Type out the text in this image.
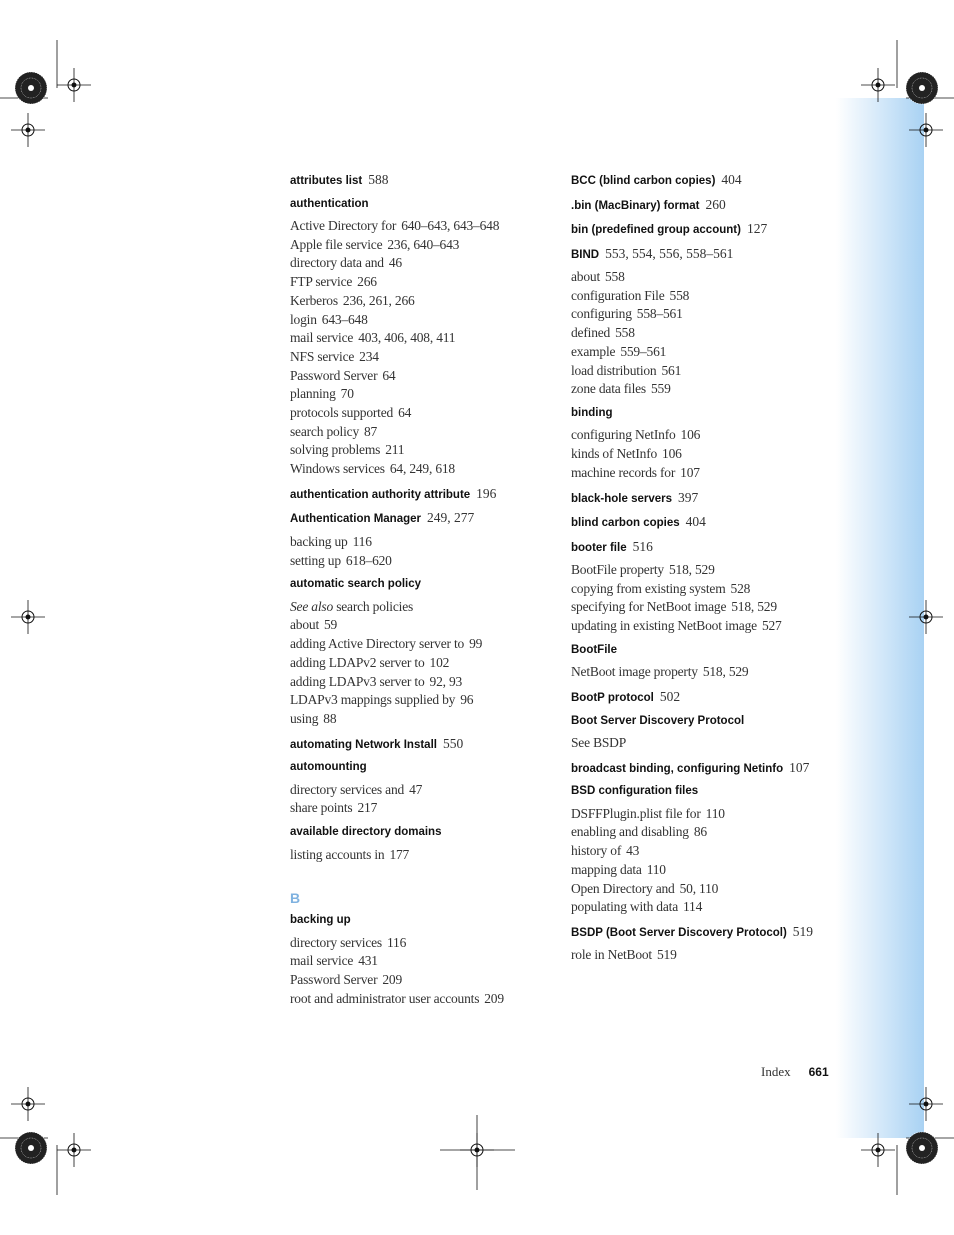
attributes list 588
authentication
Active Directory for 640–643, 643–648
Apple file service 236, 640–643
directory data and 46
FTP service 266
Kerberos 236, 261, 266
login 643–648
mail service 403, 406, 408, 411
NFS service 234
Password Server 64
planning 70
protocols supported 64
search policy 87
solving problems 211
Windows services 64, 249, 618
authentication authority attribute 196
Authentication Manager 249, 277
backing up 116
setting up 618–620
automatic search policy
See also search policies
about 59
adding Active Directory server to 99
adding LDAPv2 server to 102
adding LDAPv3 server to 92, 93
LDAPv3 mappings supplied by 96
using 88
automating Network Install 550
automounting
directory services and 47
share points 217
available directory domains
listing accounts in 177
B
backing up
directory services 116
mail service 431
Password Server 209
root and administrator user accounts 209
BCC (blind carbon copies) 404
.bin (MacBinary) format 260
bin (predefined group account) 127
BIND 553, 554, 556, 558–561
about 558
configuration File 558
configuring 558–561
defined 558
example 559–561
load distribution 561
zone data files 559
binding
configuring NetInfo 106
kinds of NetInfo 106
machine records for 107
black-hole servers 397
blind carbon copies 404
booter file 516
BootFile property 518, 529
copying from existing system 528
specifying for NetBoot image 518, 529
updating in existing NetBoot image 527
BootFile
NetBoot image property 518, 529
BootP protocol 502
Boot Server Discovery Protocol
See BSDP
broadcast binding, configuring Netinfo 107
BSD configuration files
DSFFPlugin.plist file for 110
enabling and disabling 86
history of 43
mapping data 110
Open Directory and 50, 110
populating with data 114
BSDP (Boot Server Discovery Protocol) 519
role in NetBoot 519
Index 661
